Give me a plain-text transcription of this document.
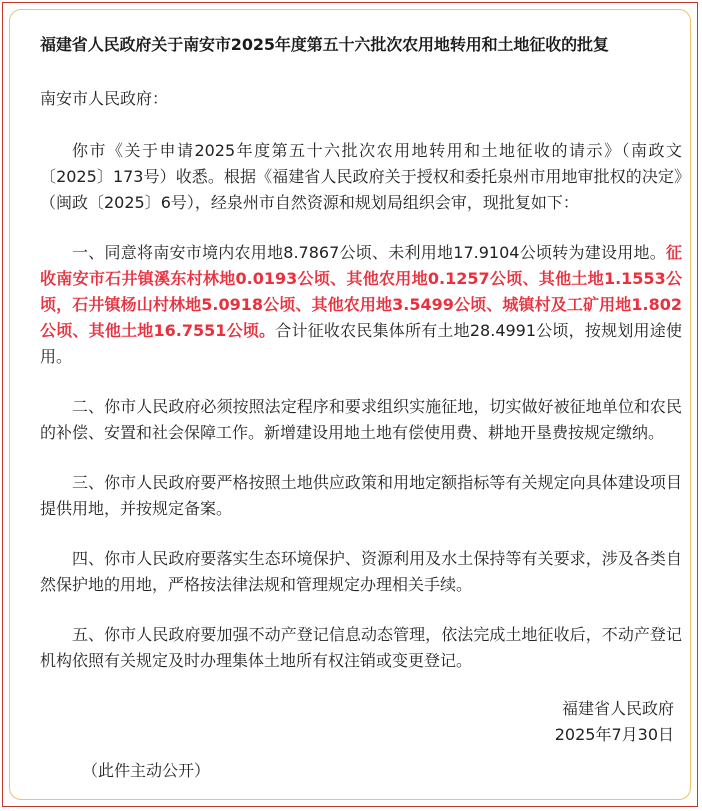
福建省人民政府关于南安市2025年度第五十六批次农用地转用和土地征收的批复
南安市人民政府：

你市《关于申请2025年度第五十六批次农用地转用和土地征收的请示》（南政文〔2025〕173号）收悉。根据《福建省人民政府关于授权和委托泉州市用地审批权的决定》（闽政〔2025〕6号），经泉州市自然资源和规划局组织会审，现批复如下：

一、同意将南安市境内农用地8.7867公顷、未利用地17.9104公顷转为建设用地。征收南安市石井镇溪东村林地0.0193公顷、其他农用地0.1257公顷、其他土地1.1553公顷，石井镇杨山村林地5.0918公顷、其他农用地3.5499公顷、城镇村及工矿用地1.802公顷、其他土地16.7551公顷。合计征收农民集体所有土地28.4991公顷，按规划用途使用。

二、你市人民政府必须按照法定程序和要求组织实施征地，切实做好被征地单位和农民的补偿、安置和社会保障工作。新增建设用地土地有偿使用费、耕地开垦费按规定缴纳。

三、你市人民政府要严格按照土地供应政策和用地定额指标等有关规定向具体建设项目提供用地，并按规定备案。

四、你市人民政府要落实生态环境保护、资源利用及水土保持等有关要求，涉及各类自然保护地的用地，严格按法律法规和管理规定办理相关手续。

五、你市人民政府要加强不动产登记信息动态管理，依法完成土地征收后，不动产登记机构依照有关规定及时办理集体土地所有权注销或变更登记。

福建省人民政府
2025年7月30日
（此件主动公开）
